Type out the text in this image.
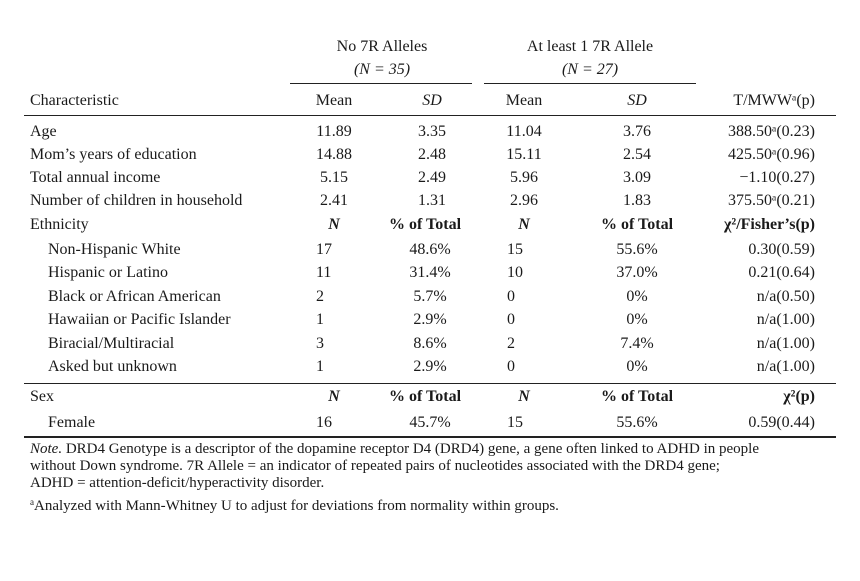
No 7R Alleles
(N = 35)
At least 1 7R Allele
(N = 27)
Characteristic	Mean	SD	Mean	SD	T/MWWᵃ(p)
Age	11.89	3.35	11.04	3.76	388.50ᵃ(0.23)
Mom’s years of education	14.88	2.48	15.11	2.54	425.50ᵃ(0.96)
Total annual income	5.15	2.49	5.96	3.09	−1.10(0.27)
Number of children in household	2.41	1.31	2.96	1.83	375.50ᵃ(0.21)
Ethnicity	N	% of Total	N	% of Total	χ²/Fisher’s(p)
Non-Hispanic White	17	48.6%	15	55.6%	0.30(0.59)
Hispanic or Latino	11	31.4%	10	37.0%	0.21(0.64)
Black or African American	2	5.7%	0	0%	n/a(0.50)
Hawaiian or Pacific Islander	1	2.9%	0	0%	n/a(1.00)
Biracial/Multiracial	3	8.6%	2	7.4%	n/a(1.00)
Asked but unknown	1	2.9%	0	0%	n/a(1.00)
Sex	N	% of Total	N	% of Total	χ²(p)
Female	16	45.7%	15	55.6%	0.59(0.44)
Note. DRD4 Genotype is a descriptor of the dopamine receptor D4 (DRD4) gene, a gene often linked to ADHD in people
without Down syndrome. 7R Allele = an indicator of repeated pairs of nucleotides associated with the DRD4 gene;
ADHD = attention-deficit/hyperactivity disorder.
$^a$Analyzed with Mann-Whitney U to adjust for deviations from normality within groups.
